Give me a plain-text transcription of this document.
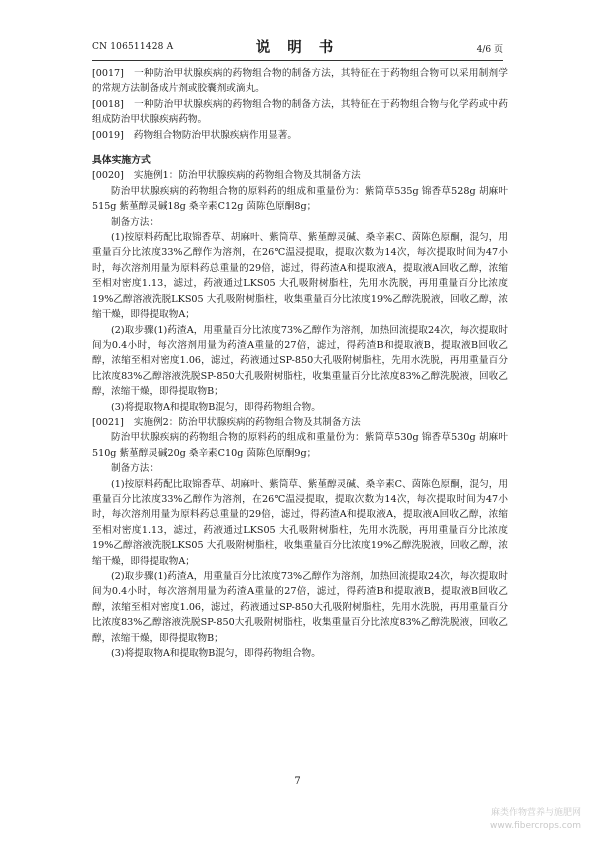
CN 106511428 A	说 明 书	4/6 页

[0017] 一种防治甲状腺疾病的药物组合物的制备方法，其特征在于药物组合物可以采用制剂学的常规方法制备成片剂或胶囊剂或滴丸。

[0018] 一种防治甲状腺疾病的药物组合物的制备方法，其特征在于药物组合物与化学药或中药组成防治甲状腺疾病药物。

[0019] 药物组合物防治甲状腺疾病作用显著。

具体实施方式

[0020] 实施例1：防治甲状腺疾病的药物组合物及其制备方法

防治甲状腺疾病的药物组合物的原料药的组成和重量份为：紫筒草535g 锦香草528g 胡麻叶515g 紫堇醇灵碱18g 桑辛素C12g 茵陈色原酮8g；

制备方法：

(1)按原料药配比取锦香草、胡麻叶、紫筒草、紫堇醇灵碱、桑辛素C、茵陈色原酮，混匀，用重量百分比浓度33%乙醇作为溶剂，在26℃温浸提取，提取次数为14次，每次提取时间为47小时，每次溶剂用量为原料药总重量的29倍，滤过，得药渣A和提取液A，提取液A回收乙醇，浓缩至相对密度1.13，滤过，药液通过LKS05 大孔吸附树脂柱，先用水洗脱，再用重量百分比浓度19%乙醇溶液洗脱LKS05 大孔吸附树脂柱，收集重量百分比浓度19%乙醇洗脱液，回收乙醇，浓缩干燥，即得提取物A；

(2)取步骤(1)药渣A，用重量百分比浓度73%乙醇作为溶剂，加热回流提取24次，每次提取时间为0.4小时，每次溶剂用量为药渣A重量的27倍，滤过，得药渣B和提取液B，提取液B回收乙醇，浓缩至相对密度1.06，滤过，药液通过SP-850大孔吸附树脂柱，先用水洗脱，再用重量百分比浓度83%乙醇溶液洗脱SP-850大孔吸附树脂柱，收集重量百分比浓度83%乙醇洗脱液，回收乙醇，浓缩干燥，即得提取物B；

(3)将提取物A和提取物B混匀，即得药物组合物。

[0021] 实施例2：防治甲状腺疾病的药物组合物及其制备方法

防治甲状腺疾病的药物组合物的原料药的组成和重量份为：紫筒草530g 锦香草530g 胡麻叶510g 紫堇醇灵碱20g 桑辛素C10g 茵陈色原酮9g；

制备方法：

(1)按原料药配比取锦香草、胡麻叶、紫筒草、紫堇醇灵碱、桑辛素C、茵陈色原酮，混匀，用重量百分比浓度33%乙醇作为溶剂，在26℃温浸提取，提取次数为14次，每次提取时间为47小时，每次溶剂用量为原料药总重量的29倍，滤过，得药渣A和提取液A，提取液A回收乙醇，浓缩至相对密度1.13，滤过，药液通过LKS05 大孔吸附树脂柱，先用水洗脱，再用重量百分比浓度19%乙醇溶液洗脱LKS05 大孔吸附树脂柱，收集重量百分比浓度19%乙醇洗脱液，回收乙醇，浓缩干燥，即得提取物A；

(2)取步骤(1)药渣A，用重量百分比浓度73%乙醇作为溶剂，加热回流提取24次，每次提取时间为0.4小时，每次溶剂用量为药渣A重量的27倍，滤过，得药渣B和提取液B，提取液B回收乙醇，浓缩至相对密度1.06，滤过，药液通过SP-850大孔吸附树脂柱，先用水洗脱，再用重量百分比浓度83%乙醇溶液洗脱SP-850大孔吸附树脂柱，收集重量百分比浓度83%乙醇洗脱液，回收乙醇，浓缩干燥，即得提取物B；

(3)将提取物A和提取物B混匀，即得药物组合物。

7
麻类作物营养与施肥网
www.fibercrops.com
